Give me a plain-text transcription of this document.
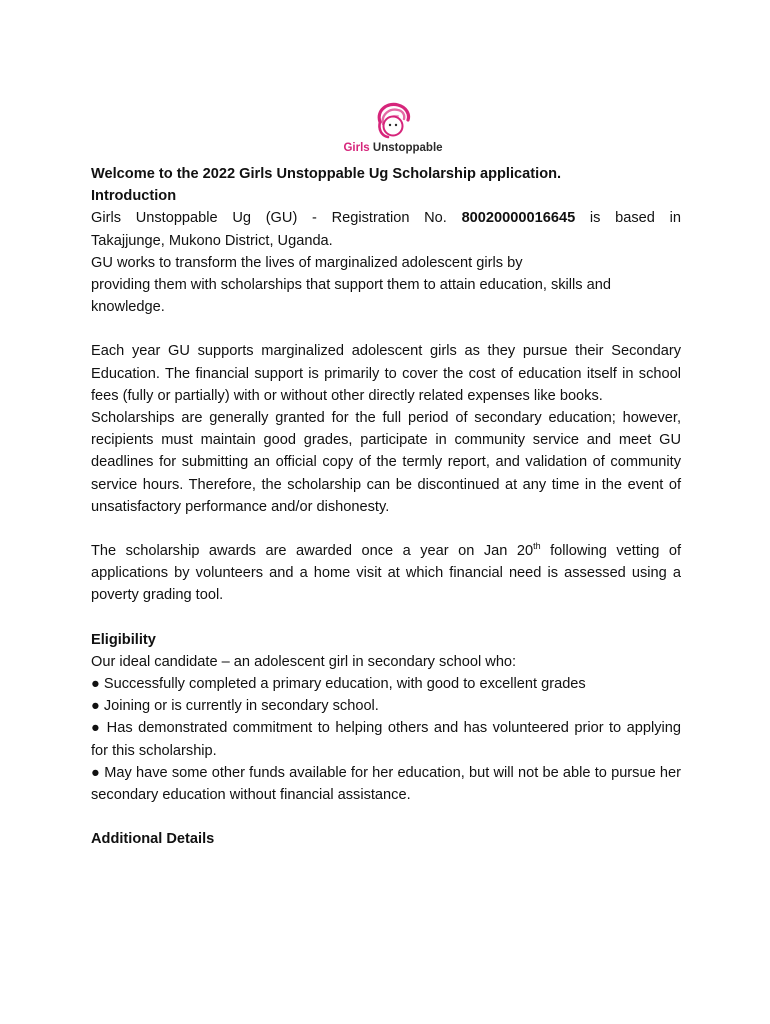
Girls Unstoppable

Welcome to the 2022 Girls Unstoppable Ug Scholarship application.

Introduction

Girls Unstoppable Ug (GU) - Registration No. 80020000016645 is based in

Takajjunge, Mukono District, Uganda.

GU works to transform the lives of marginalized adolescent girls by

providing them with scholarships that support them to attain education, skills and knowledge.

Each year GU supports marginalized adolescent girls as they pursue their Secondary Education. The financial support is primarily to cover the cost of education itself in school fees (fully or partially) with or without other directly related expenses like books.

Scholarships are generally granted for the full period of secondary education; however, recipients must maintain good grades, participate in community service and meet GU deadlines for submitting an official copy of the termly report, and validation of community service hours. Therefore, the scholarship can be discontinued at any time in the event of unsatisfactory performance and/or dishonesty.

The scholarship awards are awarded once a year on Jan 20th following vetting of applications by volunteers and a home visit at which financial need is assessed using a poverty grading tool.

Eligibility

Our ideal candidate – an adolescent girl in secondary school who:

● Successfully completed a primary education, with good to excellent grades

● Joining or is currently in secondary school.

● Has demonstrated commitment to helping others and has volunteered prior to applying for this scholarship.

● May have some other funds available for her education, but will not be able to pursue her secondary education without financial assistance.

Additional Details
